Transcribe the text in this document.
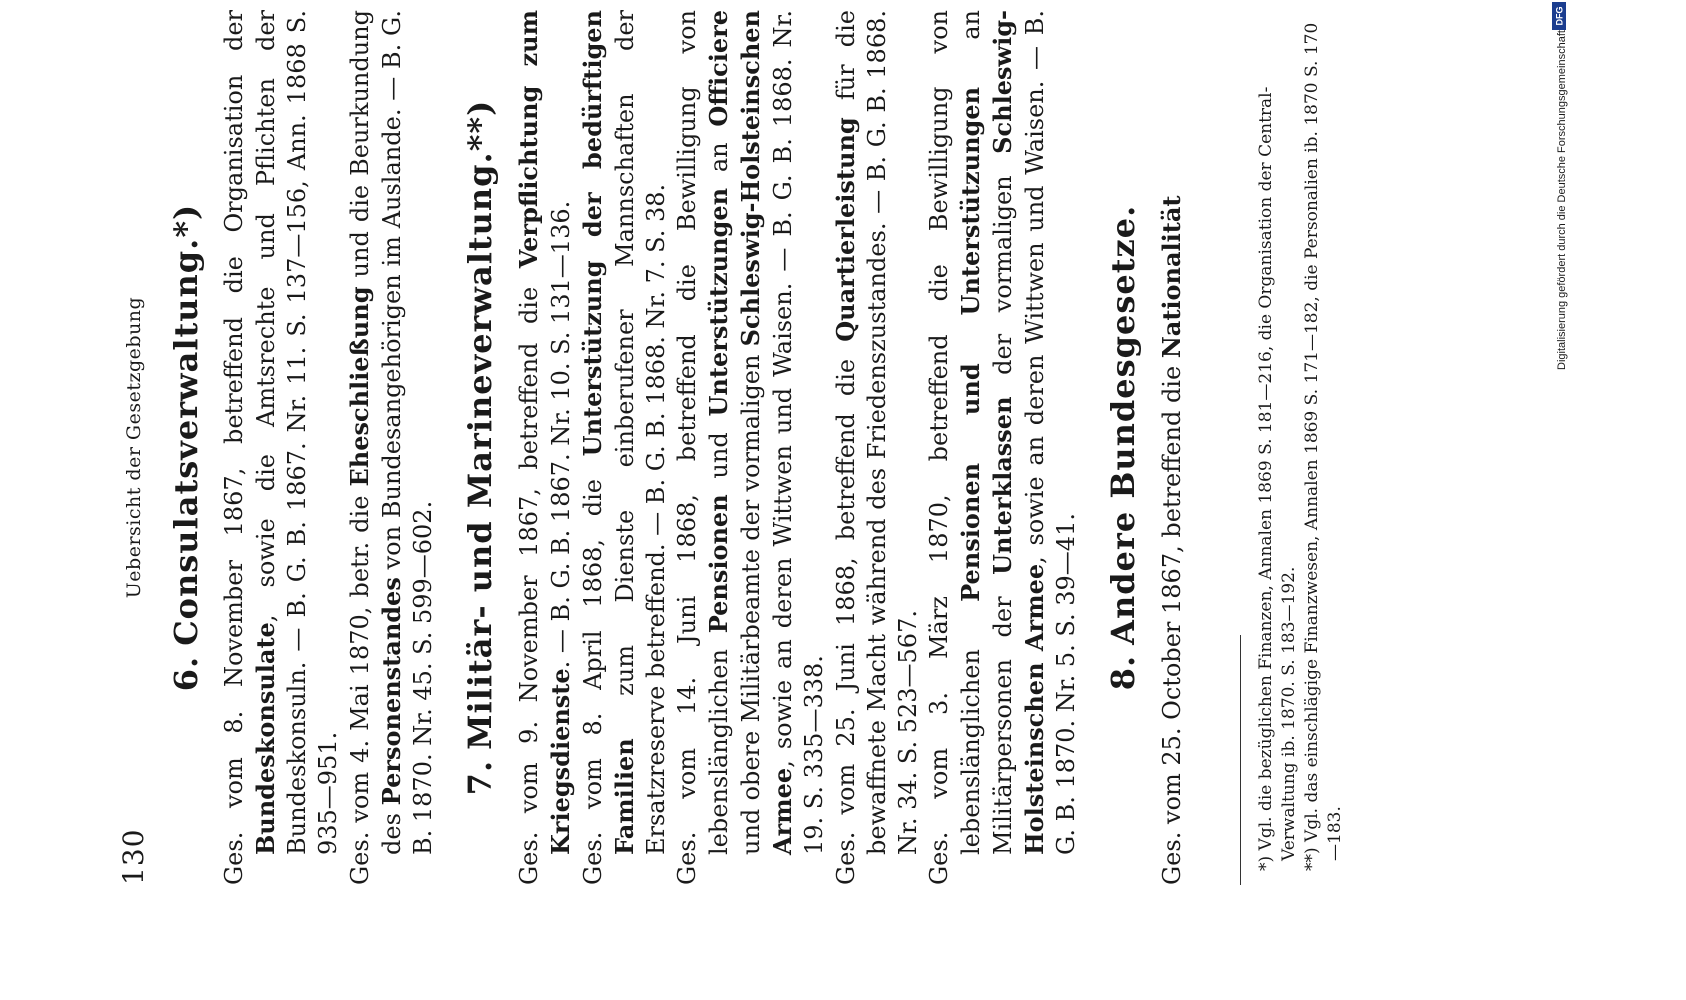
130
Uebersicht der Gesetzgebung
6.Consulatsverwaltung.*) Ges. vom 8. November 1867, betreffend die Organisation der Bundeskonsulate, sowie die Amtsrechte und Pflichten der Bundeskonsuln. — B. G. B. 1867. Nr. 11. S. 137—156, Ann. 1868 S. 935—951. Ges. vom 4. Mai 1870, betr. die Eheschließung und die Beurkundung des Personenstandes von Bundesangehörigen im Auslande. — B. G. B. 1870. Nr. 45. S. 599—602. 7.Militär- und Marineverwaltung.**) Ges. vom 9. November 1867, betreffend die Verpflichtung zum Kriegsdienste. — B. G. B. 1867. Nr. 10. S. 131—136.

Ges. vom 8. April 1868, die Unterstützung der bedürftigen Familien zum Dienste einberufener Mannschaften der Ersatzreserve betreffend. — B. G. B. 1868. Nr. 7. S. 38. Ges. vom 14. Juni 1868, betreffend die Bewilligung von lebenslänglichen Pensionen und Unterstützungen an Officiere und obere Militärbeamte der vormaligen Schleswig-Holsteinschen Armee, sowie an deren Wittwen und Waisen. — B. G. B. 1868. Nr. 19. S. 335—338. Ges. vom 25. Juni 1868, betreffend die Quartierleistung für die bewaffnete Macht während des Friedenszustandes. — B. G. B. 1868. Nr. 34. S. 523—567. Ges. vom 3. März 1870, betreffend die Bewilligung von lebenslänglichen Pensionen und Unterstützungen an Militärpersonen der Unterklassen der vormaligen Schleswig-Holsteinschen Armee, sowie an deren Wittwen und Waisen. — B. G. B. 1870. Nr. 5. S. 39—41. 8.Andere Bundesgesetze. Ges. vom 25. October 1867, betreffend die Nationalität	*) Vgl. die bezüglichen Finanzen, Annalen 1869 S. 181—216, die Organisation der Central-Verwaltung ib. 1870. S. 183—192. **) Vgl. das einschlägige Finanzwesen, Annalen 1869 S. 171—182, die Personalien ib. 1870 S. 170—183.

Digitalisierung gefördert durch die Deutsche Forschungsgemeinschaft
DFG
